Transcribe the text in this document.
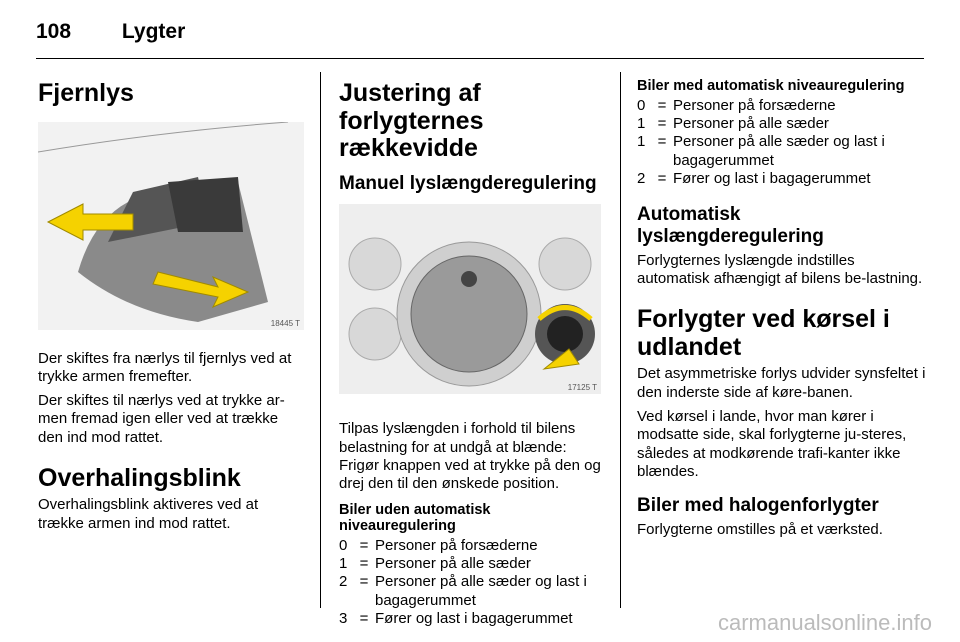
108 Lygter
Fjernlys
18445 T

Der skiftes fra nærlys til fjernlys ved at trykke armen fremefter.

Der skiftes til nærlys ved at trykke ar-men fremad igen eller ved at trække den ind mod rattet.

Overhalingsblink

Overhalingsblink aktiveres ved at trække armen ind mod rattet.

Justering af forlygternes rækkevidde
Manuel lyslængderegulering
17125 T

Tilpas lyslængden i forhold til bilens belastning for at undgå at blænde: Frigør knappen ved at trykke på den og drej den til den ønskede position.

Biler uden automatisk niveauregulering
0 = Personer på forsæderne
1 = Personer på alle sæder
2 = Personer på alle sæder og last i bagagerummet
3 = Fører og last i bagagerummet
Biler med automatisk niveauregulering
0 = Personer på forsæderne
1 = Personer på alle sæder
1 = Personer på alle sæder og last i bagagerummet
2 = Fører og last i bagagerummet
Automatisk lyslængderegulering

Forlygternes lyslængde indstilles automatisk afhængigt af bilens be-lastning.

Forlygter ved kørsel i udlandet

Det asymmetriske forlys udvider synsfeltet i den inderste side af køre-banen.

Ved kørsel i lande, hvor man kører i modsatte side, skal forlygterne ju-steres, således at modkørende trafi-kanter ikke blændes.

Biler med halogenforlygter

Forlygterne omstilles på et værksted.

carmanualsonline.info
